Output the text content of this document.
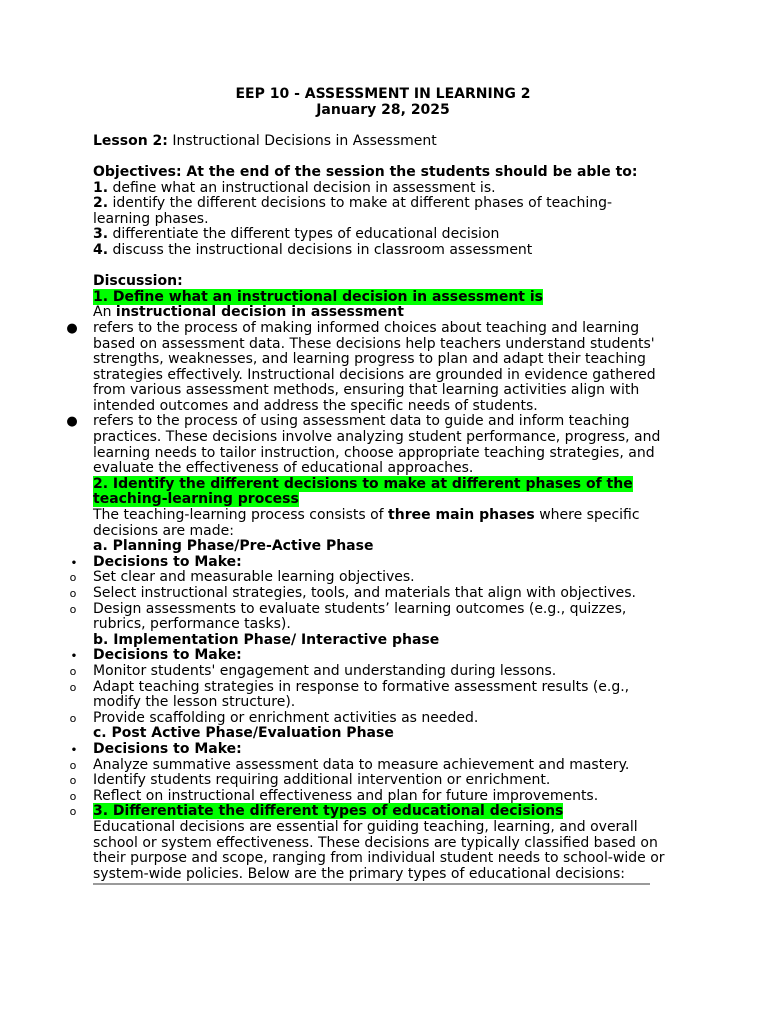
EEP 10 - ASSESSMENT IN LEARNING 2

January 28, 2025

Lesson 2: Instructional Decisions in Assessment

Objectives: At the end of the session the students should be able to:

1. define what an instructional decision in assessment is.

2. identify the different decisions to make at different phases of teaching-

learning phases.

3. differentiate the different types of educational decision

4. discuss the instructional decisions in classroom assessment

Discussion:

1. Define what an instructional decision in assessment is

An instructional decision in assessment

● refers to the process of making informed choices about teaching and learning

based on assessment data. These decisions help teachers understand students'

strengths, weaknesses, and learning progress to plan and adapt their teaching

strategies effectively. Instructional decisions are grounded in evidence gathered

from various assessment methods, ensuring that learning activities align with

intended outcomes and address the specific needs of students.

● refers to the process of using assessment data to guide and inform teaching

practices. These decisions involve analyzing student performance, progress, and

learning needs to tailor instruction, choose appropriate teaching strategies, and

evaluate the effectiveness of educational approaches.

2. Identify the different decisions to make at different phases of the

teaching-learning process

The teaching-learning process consists of three main phases where specific

decisions are made:

a. Planning Phase/Pre-Active Phase

• Decisions to Make:

o Set clear and measurable learning objectives.

o Select instructional strategies, tools, and materials that align with objectives.

o Design assessments to evaluate students’ learning outcomes (e.g., quizzes,

rubrics, performance tasks).

b. Implementation Phase/ Interactive phase

• Decisions to Make:

o Monitor students' engagement and understanding during lessons.

o Adapt teaching strategies in response to formative assessment results (e.g.,

modify the lesson structure).

o Provide scaffolding or enrichment activities as needed.

c. Post Active Phase/Evaluation Phase

• Decisions to Make:

o Analyze summative assessment data to measure achievement and mastery.

o Identify students requiring additional intervention or enrichment.

o Reflect on instructional effectiveness and plan for future improvements.

o 3. Differentiate the different types of educational decisions

Educational decisions are essential for guiding teaching, learning, and overall

school or system effectiveness. These decisions are typically classified based on

their purpose and scope, ranging from individual student needs to school-wide or

system-wide policies. Below are the primary types of educational decisions:
